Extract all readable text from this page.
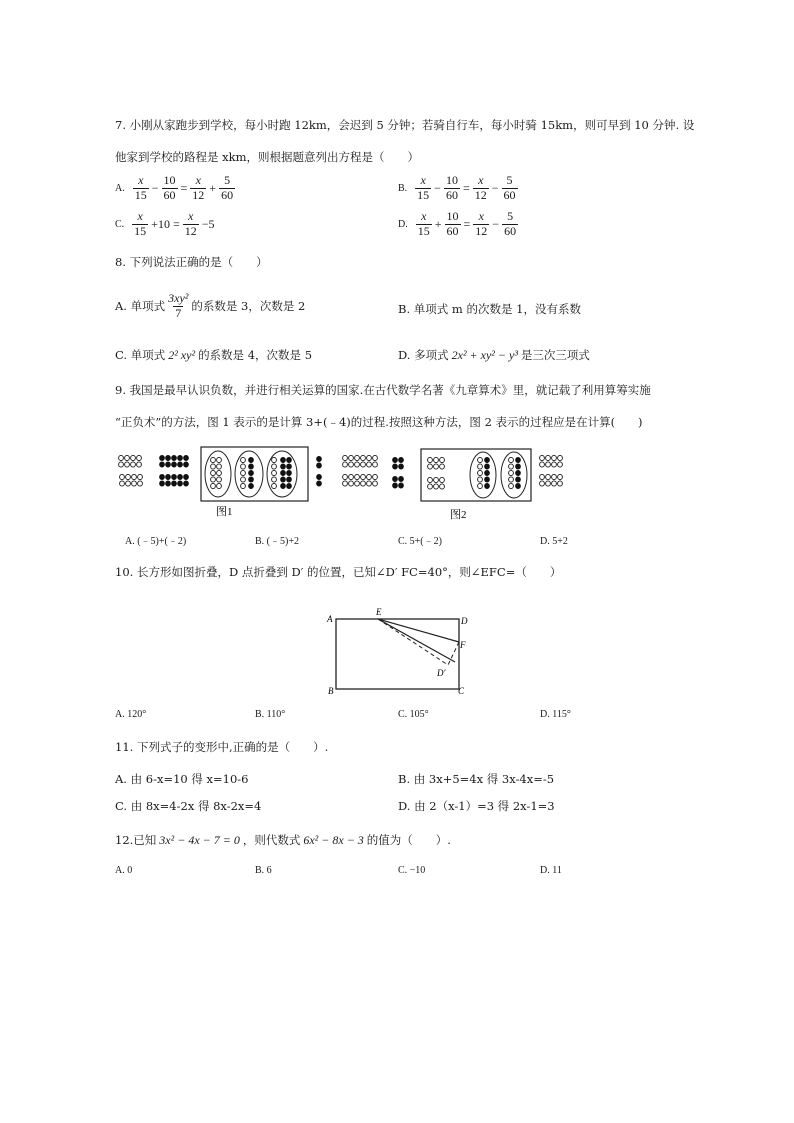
7. 小刚从家跑步到学校，每小时跑 12km，会迟到 5 分钟；若骑自行车，每小时骑 15km，则可早到 10 分钟. 设
他家到学校的路程是 xkm，则根据题意列出方程是（　　）
A. $\frac{x}{15} - \frac{10}{60} = \frac{x}{12} + \frac{5}{60}$	B. $\frac{x}{15} - \frac{10}{60} = \frac{x}{12} - \frac{5}{60}$
C. $\frac{x}{15} +10 = \frac{x}{12} -5$	D. $\frac{x}{15} + \frac{10}{60} = \frac{x}{12} - \frac{5}{60}$
8. 下列说法正确的是（　　）
A. 单项式 $\frac{\text{3xy²}}{7}$ 的系数是 3，次数是 2	B. 单项式 m 的次数是 1，没有系数
C. 单项式 2² xy² 的系数是 4，次数是 5	D. 多项式 2x² + xy² − y³ 是三次三项式
9. 我国是最早认识负数，并进行相关运算的国家.在古代数学名著《九章算术》里，就记载了利用算筹实施
“正负术”的方法，图 1 表示的是计算 3+(﹣4)的过程.按照这种方法，图 2 表示的过程应是在计算(　　)
图1	图2
A. (﹣5)+(﹣2)	B. (﹣5)+2	C. 5+(﹣2)	D. 5+2
10. 长方形如图折叠，D 点折叠到 D′ 的位置，已知∠D′ FC=40°，则∠EFC=（　　）
A
E
D
F
D′
B	C
A. 120°	B. 110°	C. 105°	D. 115°
11. 下列式子的变形中,正确的是（　　）.
A. 由 6-x=10 得 x=10-6	B. 由 3x+5=4x 得 3x-4x=-5
C. 由 8x=4-2x 得 8x-2x=4	D. 由 2（x-1）=3 得 2x-1=3
12.已知 3x² − 4x − 7 = 0 ，则代数式 6x² − 8x − 3 的值为（　　）.
A. 0	B. 6	C. −10	D. 11
